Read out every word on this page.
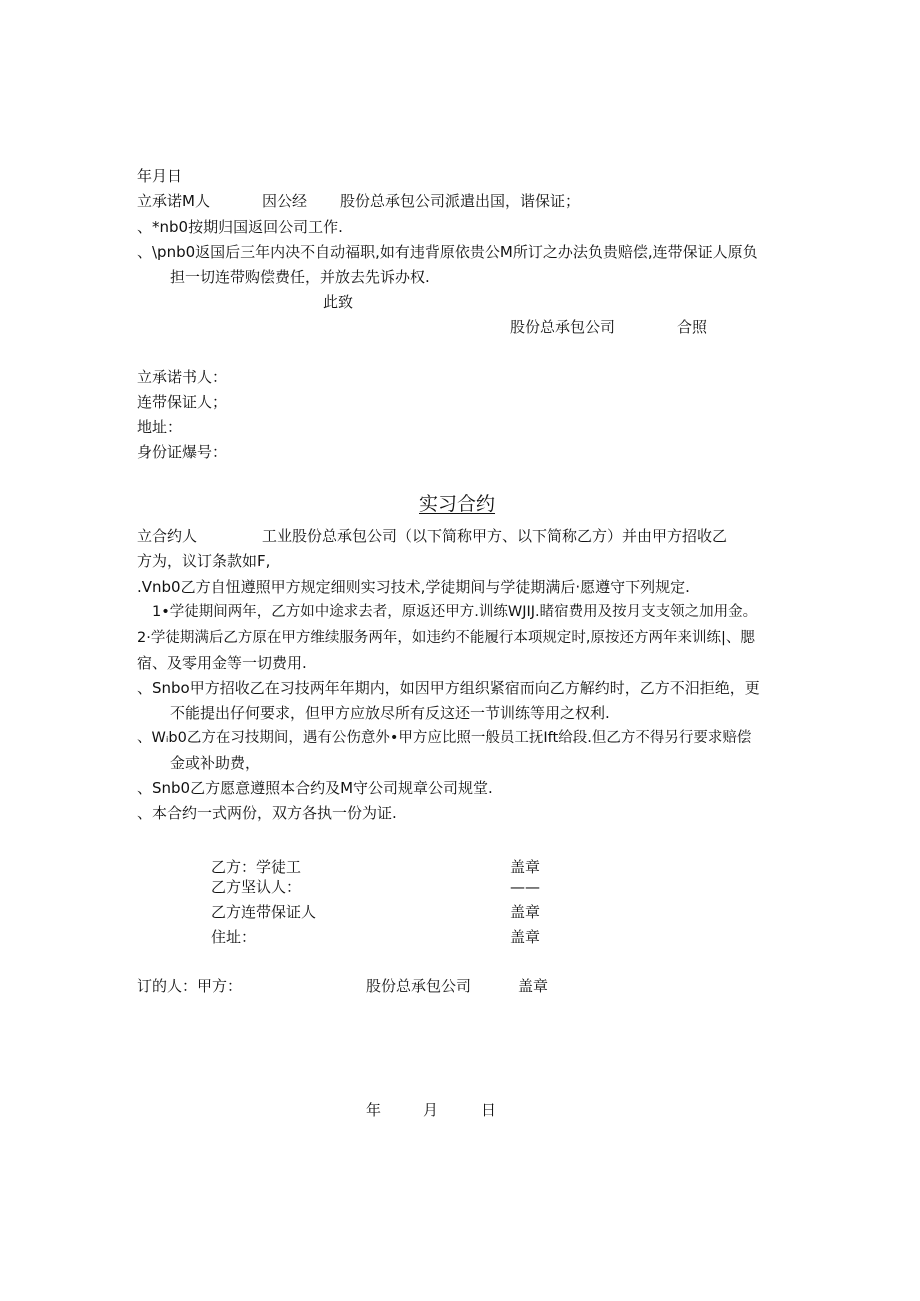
年月日
立承诺M人	因公经 股份总承包公司派遣出国，谐保证；
、*nb0按期归国返回公司工作.
、\pnb0返国后三年内决不自动福职,如有违背原依贵公M所订之办法负贵赔偿,连带保证人原负
担一切连带购偿费任，并放去先诉办权.
此致
股份总承包公司	合照
立承诺书人：
连带保证人；
地址：
身份证爆号：
实习合约
立合约人	工业股份总承包公司（以下简称甲方、以下简称乙方）并由甲方招收乙
方为，议订条款如F,
.Vnb0乙方自忸遵照甲方规定细则实习技术,学徒期间与学徒期满后·愿遵守下列规定.
1•学徒期间两年，乙方如中途求去者，原返还甲方.训练WJIJ.睹宿费用及按月支支领之加用金。
2·学徒期满后乙方原在甲方维续服务两年，如违约不能履行本项规定时,原按还方两年来训练|、腮
宿、及零用金等一切费用.
、Snbo甲方招收乙在习技两年年期内，如因甲方组织紧宿而向乙方解约时，乙方不汨拒绝，更
不能提出仔何要求，但甲方应放尽所有反这还一节训练等用之权利.
、Wᵢb0乙方在习技期间，遇有公伤意外•甲方应比照一般员工抚Ift给段.但乙方不得另行要求赔偿
金或补助费，
、Snb0乙方愿意遵照本合约及M守公司规章公司规堂.
、本合约一式两份，双方各执一份为证.
乙方：学徒工	盖章
乙方坚认人：	——
乙方连带保证人	盖章
住址：	盖章
订的人：甲方：	股份总承包公司	盖章
年	月	日
